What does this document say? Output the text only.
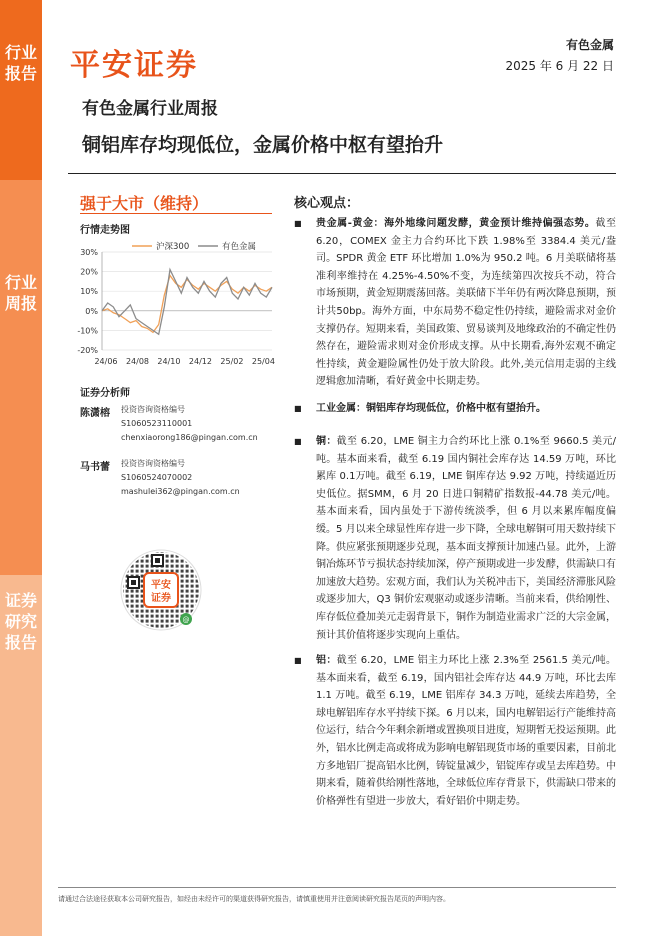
行业报告
行业周报
证券研究报告
平安证券
有色金属
2025 年 6 月 22 日
有色金属行业周报
铜铝库存均现低位，金属价格中枢有望抬升
强于大市（维持）
行情走势图
30%
20%
10%
0%
-10%
-20%
24/06 24/08 24/10 24/12 25/02 25/04
沪深300	有色金属
证券分析师
陈潇榕 投资咨询资格编号
S1060523110001
chenxiaorong186@pingan.com.cn
马书蕾 投资咨询资格编号
S1060524070002
mashulei362@pingan.com.cn
平安
证券
@
核心观点：
■ 贵金属-黄金：海外地缘问题发酵，黄金预计维持偏强态势。截至6.20，COMEX 金主力合约环比下跌 1.98%至 3384.4 美元/盎司。SPDR 黄金 ETF 环比增加 1.0%为 950.2 吨。6 月美联储将基准利率维持在 4.25%-4.50%不变，为连续第四次按兵不动，符合市场预期，黄金短期震荡回落。美联储下半年仍有两次降息预期，预计共50bp。海外方面，中东局势不稳定性仍持续，避险需求对金价支撑仍存。短期来看，美国政策、贸易谈判及地缘政治的不确定性仍然存在，避险需求则对金价形成支撑。从中长期看,海外宏观不确定性持续，黄金避险属性仍处于放大阶段。此外,美元信用走弱的主线逻辑愈加清晰，看好黄金中长期走势。
■ 工业金属：铜铝库存均现低位，价格中枢有望抬升。
■ 铜：截至 6.20，LME 铜主力合约环比上涨 0.1%至 9660.5 美元/吨。基本面来看，截至 6.19 国内铜社会库存达 14.59 万吨，环比累库 0.1万吨。截至 6.19，LME 铜库存达 9.92 万吨，持续逼近历史低位。据SMM，6 月 20 日进口铜精矿指数报-44.78 美元/吨。基本面来看，国内虽处于下游传统淡季，但 6 月以来累库幅度偏缓。5 月以来全球显性库存进一步下降，全球电解铜可用天数持续下降。供应紧张预期逐步兑现，基本面支撑预计加速凸显。此外，上游铜冶炼环节亏损状态持续加深，停产预期或进一步发酵，供需缺口有加速放大趋势。宏观方面，我们认为关税冲击下，美国经济滞胀风险或逐步加大，Q3 铜价宏观驱动或逐步清晰。当前来看，供给刚性、库存低位叠加美元走弱背景下，铜作为制造业需求广泛的大宗金属，预计其价值将逐步实现向上重估。
■ 铝：截至 6.20，LME 铝主力环比上涨 2.3%至 2561.5 美元/吨。基本面来看，截至 6.19，国内铝社会库存达 44.9 万吨，环比去库 1.1 万吨。截至 6.19，LME 铝库存 34.3 万吨，延续去库趋势，全球电解铝库存水平持续下探。6 月以来，国内电解铝运行产能维持高位运行，结合今年剩余新增或置换项目进度，短期暂无投运预期。此外，铝水比例走高或将成为影响电解铝现货市场的重要因素，目前北方多地铝厂提高铝水比例，铸锭量减少，铝锭库存或呈去库趋势。中期来看，随着供给刚性落地，全球低位库存背景下，供需缺口带来的价格弹性有望进一步放大，看好铝价中期走势。
请通过合法途径获取本公司研究报告，如经由未经许可的渠道获得研究报告，请慎重使用并注意阅读研究报告尾页的声明内容。
